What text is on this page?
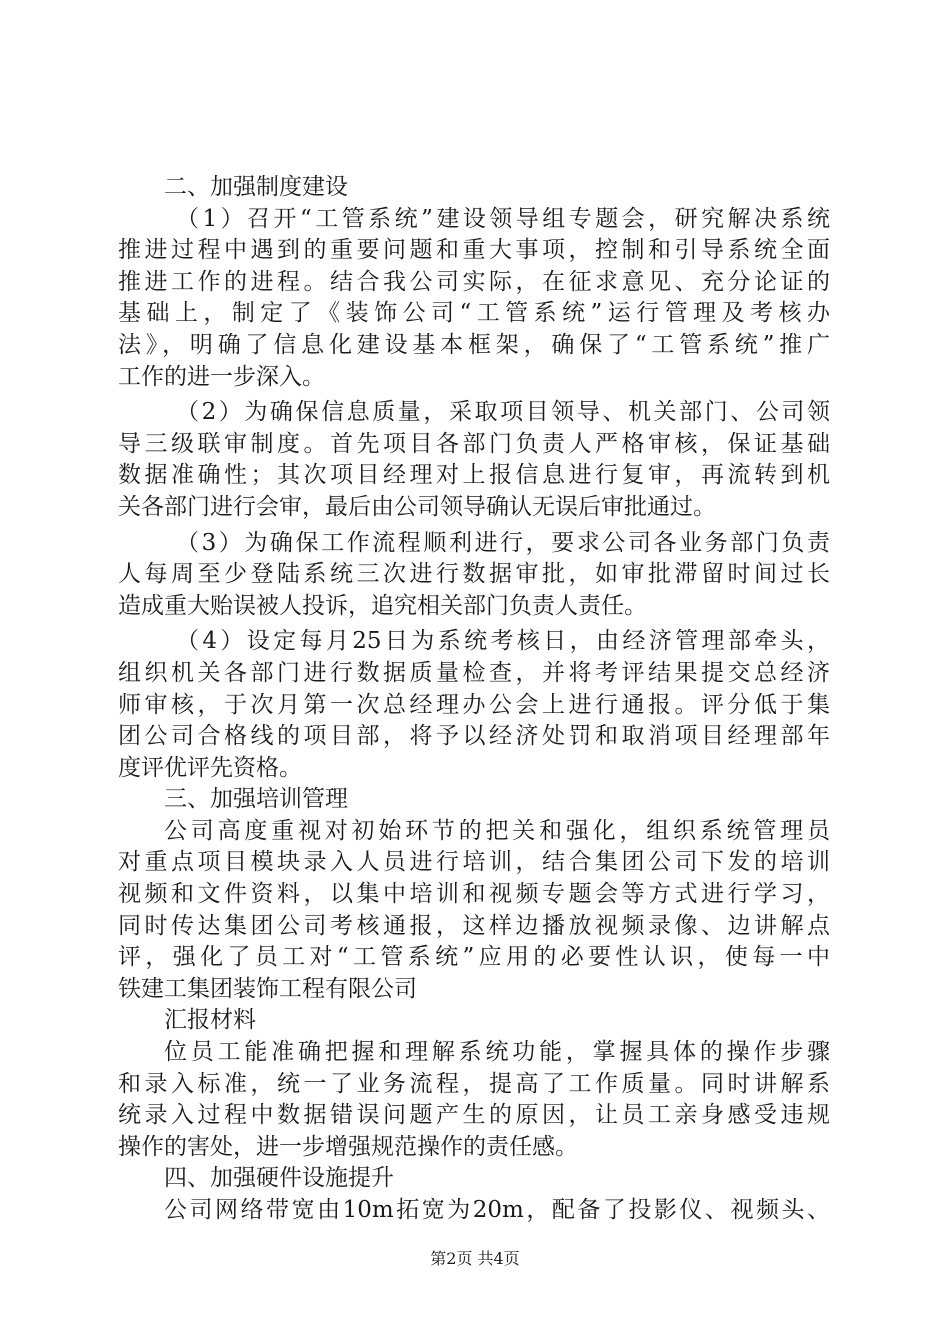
二、加强制度建设
（1）召开“工管系统”建设领导组专题会，研究解决系统
推进过程中遇到的重要问题和重大事项，控制和引导系统全面
推进工作的进程。结合我公司实际，在征求意见、充分论证的
基础上，制定了《装饰公司“工管系统”运行管理及考核办
法》，明确了信息化建设基本框架，确保了“工管系统”推广
工作的进一步深入。
（2）为确保信息质量，采取项目领导、机关部门、公司领
导三级联审制度。首先项目各部门负责人严格审核，保证基础
数据准确性；其次项目经理对上报信息进行复审，再流转到机
关各部门进行会审，最后由公司领导确认无误后审批通过。
（3）为确保工作流程顺利进行，要求公司各业务部门负责
人每周至少登陆系统三次进行数据审批，如审批滞留时间过长
造成重大贻误被人投诉，追究相关部门负责人责任。
（4）设定每月25日为系统考核日，由经济管理部牵头，
组织机关各部门进行数据质量检查，并将考评结果提交总经济
师审核，于次月第一次总经理办公会上进行通报。评分低于集
团公司合格线的项目部，将予以经济处罚和取消项目经理部年
度评优评先资格。
三、加强培训管理
公司高度重视对初始环节的把关和强化，组织系统管理员
对重点项目模块录入人员进行培训，结合集团公司下发的培训
视频和文件资料，以集中培训和视频专题会等方式进行学习，
同时传达集团公司考核通报，这样边播放视频录像、边讲解点
评，强化了员工对“工管系统”应用的必要性认识，使每一中
铁建工集团装饰工程有限公司
汇报材料
位员工能准确把握和理解系统功能，掌握具体的操作步骤
和录入标准，统一了业务流程，提高了工作质量。同时讲解系
统录入过程中数据错误问题产生的原因，让员工亲身感受违规
操作的害处，进一步增强规范操作的责任感。
四、加强硬件设施提升
公司网络带宽由10m拓宽为20m，配备了投影仪、视频头、
第2页 共4页
